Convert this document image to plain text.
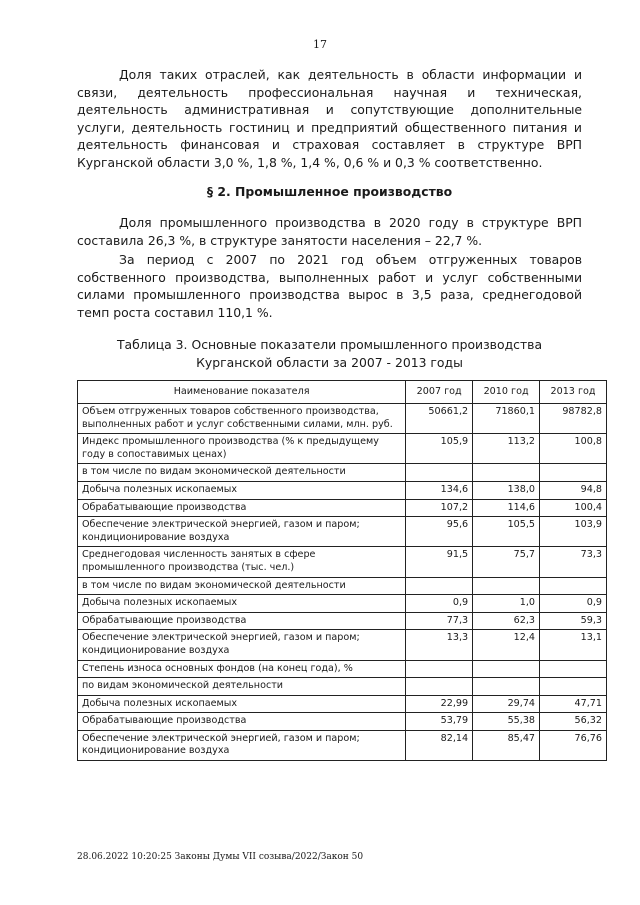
17

Доля таких отраслей, как деятельность в области информации и связи, деятельность профессиональная научная и техническая, деятельность административная и сопутствующие дополнительные услуги, деятельность гостиниц и предприятий общественного питания и деятельность финансовая и страховая составляет в структуре ВРП Курганской области 3,0 %, 1,8 %, 1,4 %, 0,6 % и 0,3 % соответственно.

§ 2. Промышленное производство

Доля промышленного производства в 2020 году в структуре ВРП составила 26,3 %, в структуре занятости населения – 22,7 %.

За период с 2007 по 2021 год объем отгруженных товаров собственного производства, выполненных работ и услуг собственными силами промышленного производства вырос в 3,5 раза, среднегодовой темп роста составил 110,1 %.

Таблица 3. Основные показатели промышленного производства
Курганской области за 2007 - 2013 годы
Наименование показателя	2007 год	2010 год	2013 год
Объем отгруженных товаров собственного производства, выполненных работ и услуг собственными силами, млн. руб.	50661,2	71860,1	98782,8
Индекс промышленного производства (% к предыдущему году в сопоставимых ценах)	105,9	113,2	100,8
в том числе по видам экономической деятельности			
Добыча полезных ископаемых	134,6	138,0	94,8
Обрабатывающие производства	107,2	114,6	100,4
Обеспечение электрической энергией, газом и паром; кондиционирование воздуха	95,6	105,5	103,9
Среднегодовая численность занятых в сфере промышленного производства (тыс. чел.)	91,5	75,7	73,3
в том числе по видам экономической деятельности			
Добыча полезных ископаемых	0,9	1,0	0,9
Обрабатывающие производства	77,3	62,3	59,3
Обеспечение электрической энергией, газом и паром; кондиционирование воздуха	13,3	12,4	13,1
Степень износа основных фондов (на конец года), %			
по видам экономической деятельности			
Добыча полезных ископаемых	22,99	29,74	47,71
Обрабатывающие производства	53,79	55,38	56,32
Обеспечение электрической энергией, газом и паром; кондиционирование воздуха	82,14	85,47	76,76
28.06.2022 10:20:25 Законы Думы VII созыва/2022/Закон 50
